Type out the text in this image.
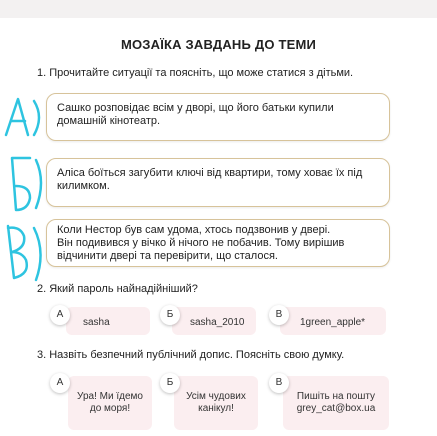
МОЗАЇКА ЗАВДАНЬ ДО ТЕМИ
1. Прочитайте ситуації та поясніть, що може статися з дітьми.
Сашко розповідає всім у дворі, що його батьки купили
домашній кінотеатр.
Аліса боїться загубити ключі від квартири, тому ховає їх під
килимком.
Коли Нестор був сам удома, хтось подзвонив у двері.
Він подивився у вічко й нічого не побачив. Тому вирішив
відчинити двері та перевірити, що сталося.
2. Який пароль найнадійніший?
А
sasha
Б
sasha_2010
В
1green_apple*
3. Назвіть безпечний публічний допис. Поясніть свою думку.
А
Ура! Ми їдемо
до моря!
Б
Усім чудових
канікул!
В
Пишіть на пошту
grey_cat@box.ua
